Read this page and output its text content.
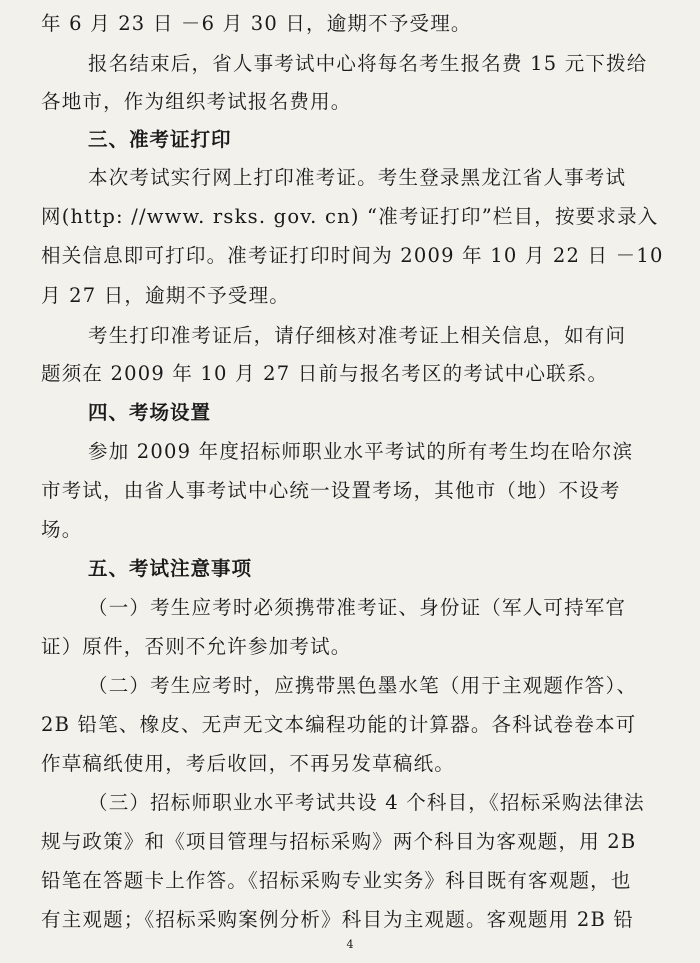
年 6 月 23 日 －6 月 30 日，逾期不予受理。
报名结束后，省人事考试中心将每名考生报名费 15 元下拨给
各地市，作为组织考试报名费用。
三、准考证打印
本次考试实行网上打印准考证。考生登录黑龙江省人事考试
网(http: //www. rsks. gov. cn) “准考证打印”栏目，按要求录入
相关信息即可打印。准考证打印时间为 2009 年 10 月 22 日 －10
月 27 日，逾期不予受理。
考生打印准考证后，请仔细核对准考证上相关信息，如有问
题须在 2009 年 10 月 27 日前与报名考区的考试中心联系。
四、考场设置
参加 2009 年度招标师职业水平考试的所有考生均在哈尔滨
市考试，由省人事考试中心统一设置考场，其他市（地）不设考
场。
五、考试注意事项
（一）考生应考时必须携带准考证、身份证（军人可持军官
证）原件，否则不允许参加考试。
（二）考生应考时，应携带黑色墨水笔（用于主观题作答）、
2B 铅笔、橡皮、无声无文本编程功能的计算器。各科试卷卷本可
作草稿纸使用，考后收回，不再另发草稿纸。
（三）招标师职业水平考试共设 4 个科目，《招标采购法律法
规与政策》和《项目管理与招标采购》两个科目为客观题，用 2B
铅笔在答题卡上作答。《招标采购专业实务》科目既有客观题，也
有主观题；《招标采购案例分析》科目为主观题。客观题用 2B 铅
4
